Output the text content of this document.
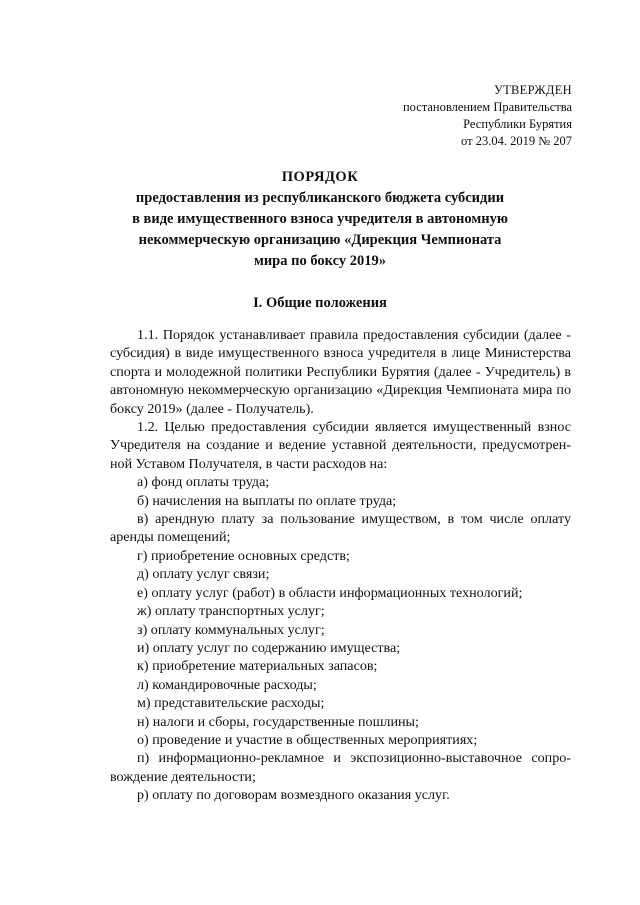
УТВЕРЖДЕН
постановлением Правительства
Республики Бурятия
от 23.04. 2019 № 207
ПОРЯДОК
предоставления из республиканского бюджета субсидии
в виде имущественного взноса учредителя в автономную
некоммерческую организацию «Дирекция Чемпионата
мира по боксу 2019»
I. Общие положения

1.1. Порядок устанавливает правила предоставления субсидии (далее - субсидия) в виде имущественного взноса учредителя в лице Министерства спорта и молодежной политики Республики Бурятия (далее - Учредитель) в автономную некоммерческую организацию «Дирекция Чемпионата мира по боксу 2019» (далее - Получатель).

1.2. Целью предоставления субсидии является имущественный взнос Учредителя на создание и ведение уставной деятельности, предусмотренной Уставом Получателя, в части расходов на:

а) фонд оплаты труда;

б) начисления на выплаты по оплате труда;

в) арендную плату за пользование имуществом, в том числе оплату аренды помещений;

г) приобретение основных средств;

д) оплату услуг связи;

е) оплату услуг (работ) в области информационных технологий;

ж) оплату транспортных услуг;

з) оплату коммунальных услуг;

и) оплату услуг по содержанию имущества;

к) приобретение материальных запасов;

л) командировочные расходы;

м) представительские расходы;

н) налоги и сборы, государственные пошлины;

о) проведение и участие в общественных мероприятиях;

п) информационно-рекламное и экспозиционно-выставочное сопровождение деятельности;

р) оплату по договорам возмездного оказания услуг.
